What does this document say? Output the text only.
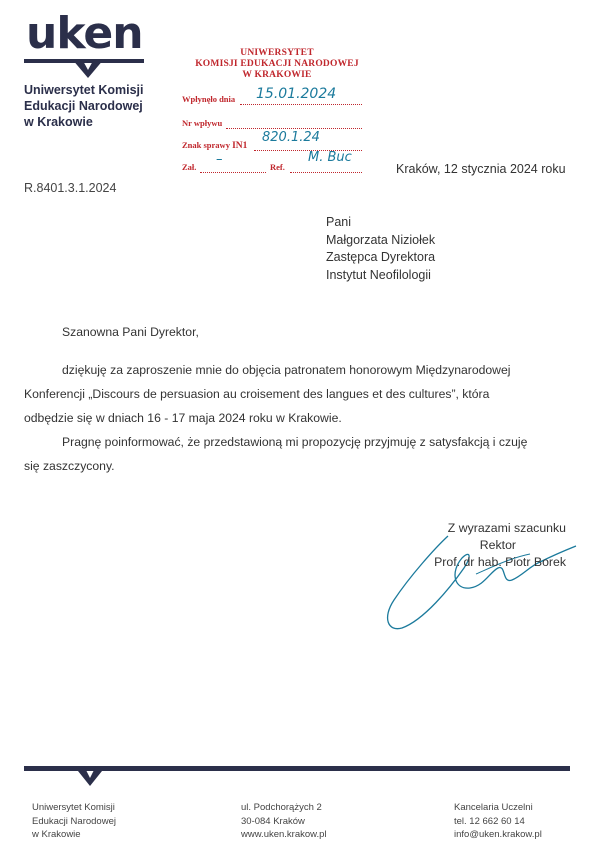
uken
Uniwersytet Komisji
Edukacji Narodowej
w Krakowie
UNIWERSYTET
KOMISJI EDUKACJI NARODOWEJ
W KRAKOWIE
Wpłynęło dnia 15.01.2024
Nr wpływu
Znak sprawy IN1
820.1.24
Zał. –	Ref.
M. Buc
Kraków, 12 stycznia 2024 roku
R.8401.3.1.2024
Pani
Małgorzata Niziołek
Zastępca Dyrektora
Instytut Neofilologii
Szanowna Pani Dyrektor,
dziękuję za zaproszenie mnie do objęcia patronatem honorowym Międzynarodowej
Konferencji „Discours de persuasion au croisement des langues et des cultures”, która
odbędzie się w dniach 16 - 17 maja 2024 roku w Krakowie.
Pragnę poinformować, że przedstawioną mi propozycję przyjmuję z satysfakcją i czuję
się zaszczycony.
Z wyrazami szacunku
Rektor
Prof. dr hab. Piotr Borek
Uniwersytet Komisji
Edukacji Narodowej
w Krakowie
ul. Podchorążych 2
30-084 Kraków
www.uken.krakow.pl
Kancelaria Uczelni
tel. 12 662 60 14
info@uken.krakow.pl
